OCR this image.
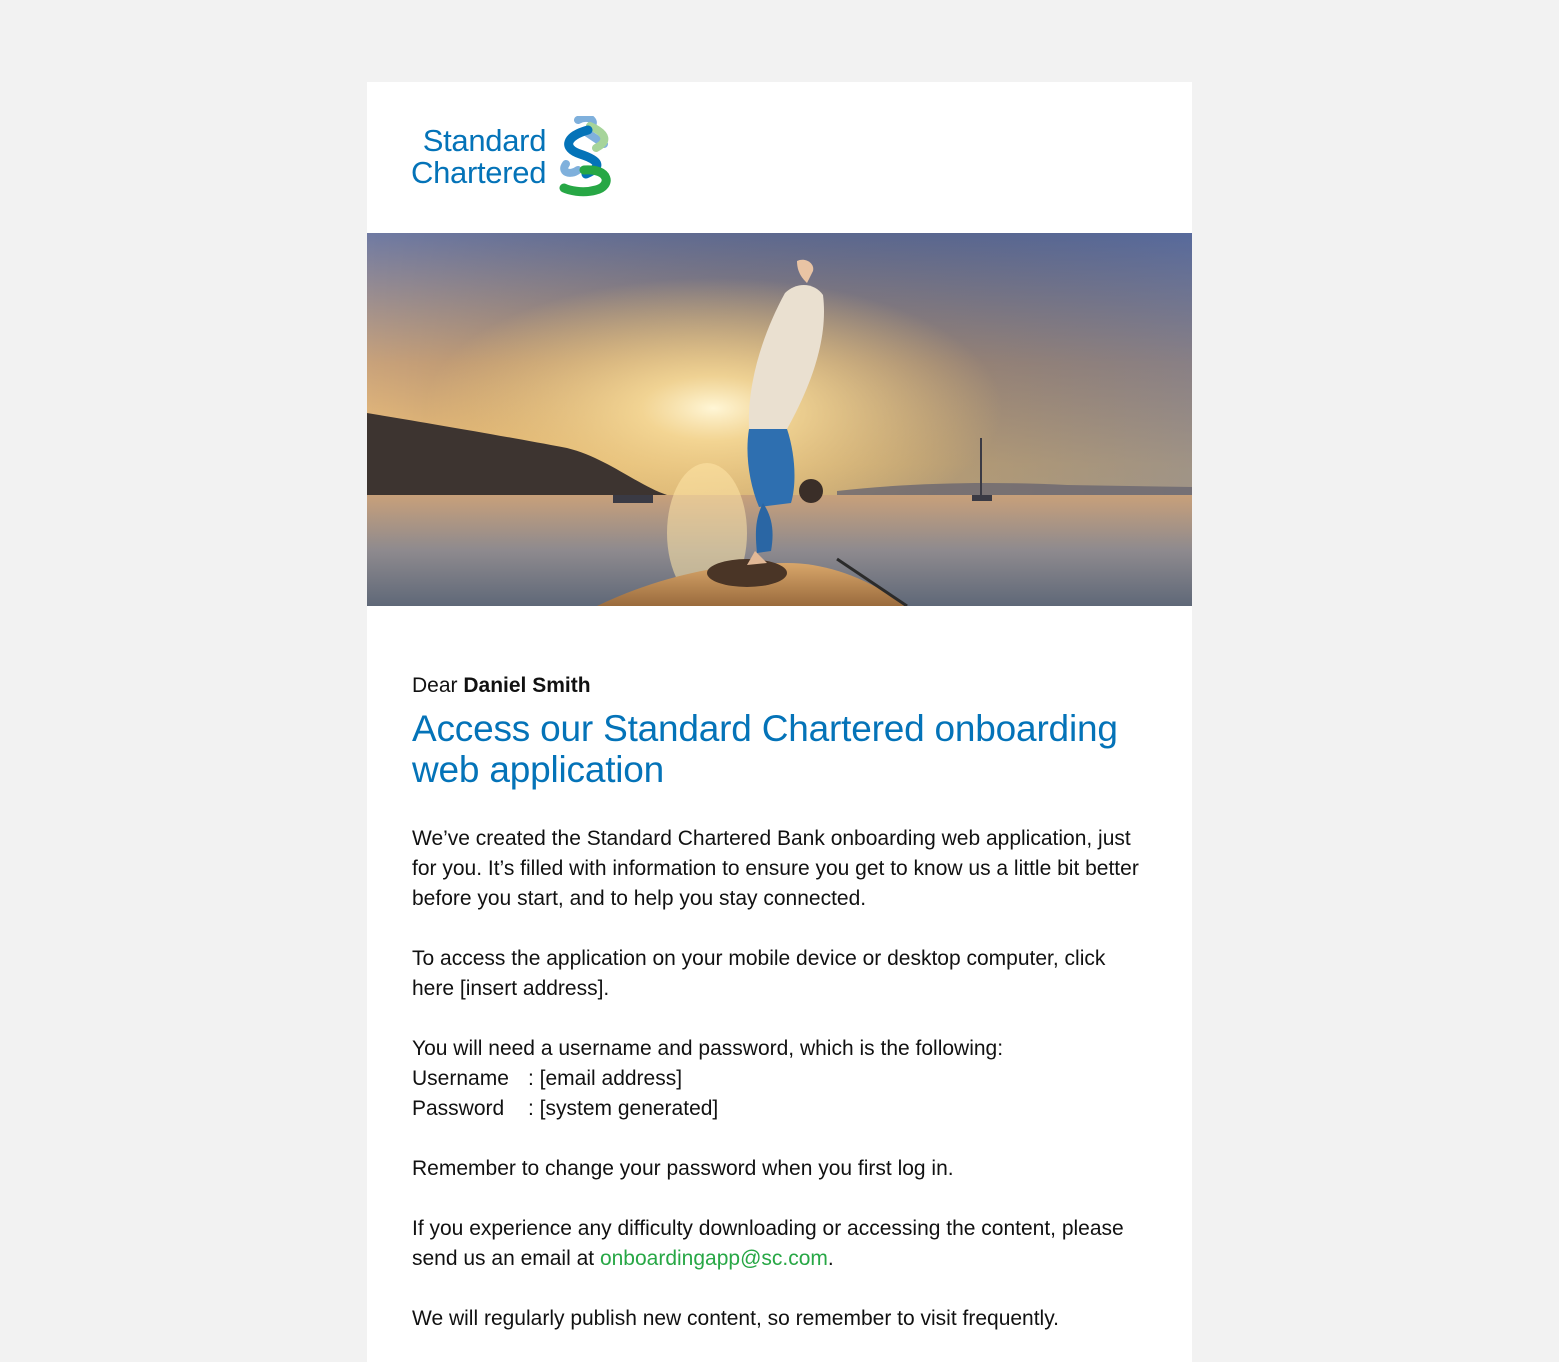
Standard
Chartered

Dear Daniel Smith

Access our Standard Chartered onboarding
web application

We’ve created the Standard Chartered Bank onboarding web application, just for you. It’s filled with information to ensure you get to know us a little bit better before you start, and to help you stay connected.

To access the application on your mobile device or desktop computer, click here [insert address].

You will need a username and password, which is the following:
Username : [email address]
Password	: [system generated]

Remember to change your password when you first log in.

If you experience any difficulty downloading or accessing the content, please send us an email at onboardingapp@sc.com.

We will regularly publish new content, so remember to visit frequently.
